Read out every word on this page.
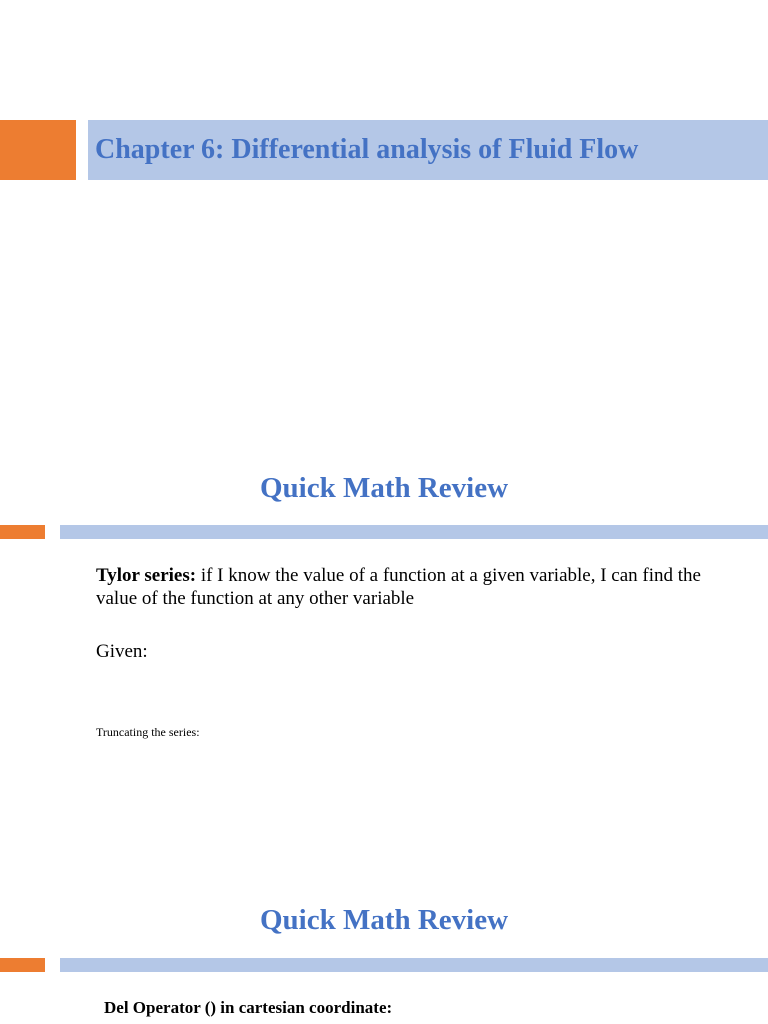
Chapter 6: Differential analysis of Fluid Flow
Quick Math Review

Tylor series: if I know the value of a function at a given variable, I can find the value of the function at any other variable

Given:

Truncating the series:

Quick Math Review

Del Operator () in cartesian coordinate:
